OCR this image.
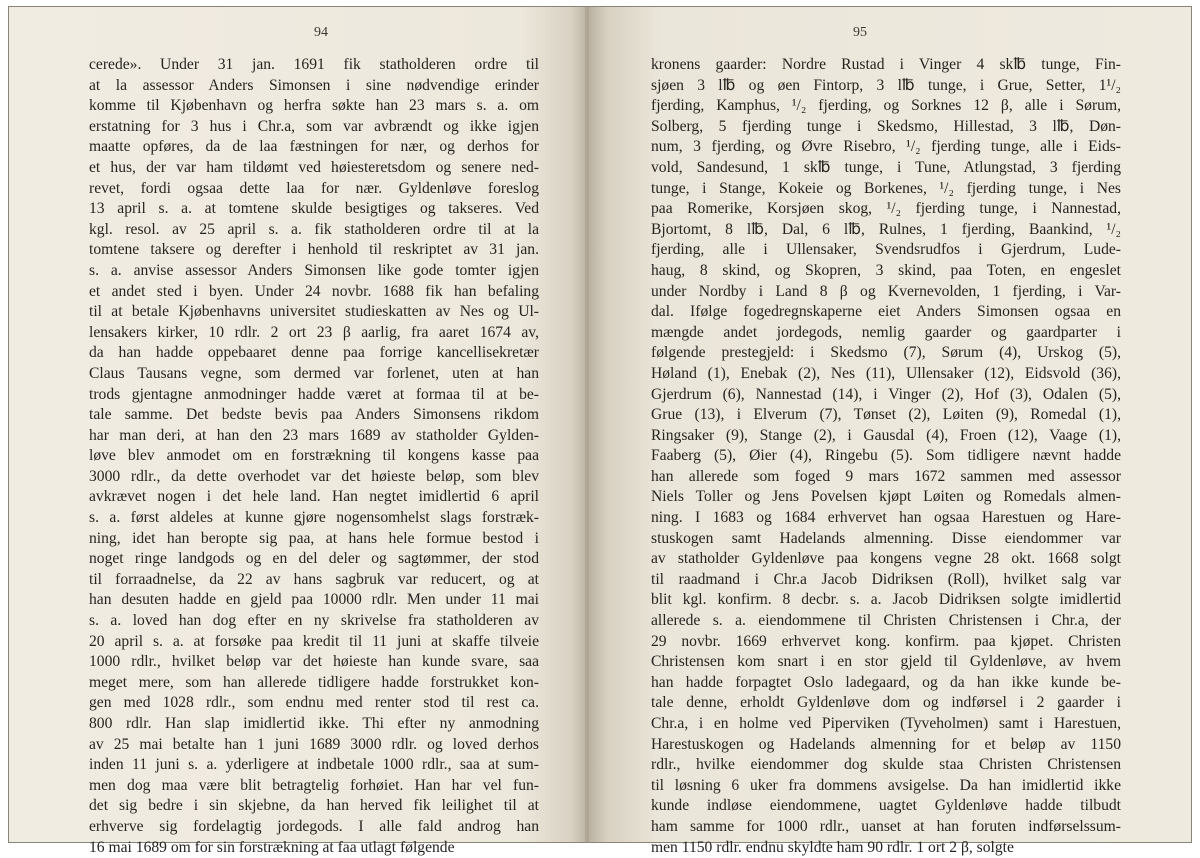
94
cerede». Under 31 jan. 1691 fik statholderen ordre til
at la assessor Anders Simonsen i sine nødvendige erinder
komme til Kjøbenhavn og herfra søkte han 23 mars s. a. om
erstatning for 3 hus i Chr.a, som var avbrændt og ikke igjen
maatte opføres, da de laa fæstningen for nær, og derhos for
et hus, der var ham tildømt ved høiesteretsdom og senere ned-
revet, fordi ogsaa dette laa for nær. Gyldenløve foreslog
13 april s. a. at tomtene skulde besigtiges og takseres. Ved
kgl. resol. av 25 april s. a. fik statholderen ordre til at la
tomtene taksere og derefter i henhold til reskriptet av 31 jan.
s. a. anvise assessor Anders Simonsen like gode tomter igjen
et andet sted i byen. Under 24 novbr. 1688 fik han befaling
til at betale Kjøbenhavns universitet studieskatten av Nes og Ul-
lensakers kirker, 10 rdlr. 2 ort 23 β aarlig, fra aaret 1674 av,
da han hadde oppebaaret denne paa forrige kancellisekretær
Claus Tausans vegne, som dermed var forlenet, uten at han
trods gjentagne anmodninger hadde været at formaa til at be-
tale samme. Det bedste bevis paa Anders Simonsens rikdom
har man deri, at han den 23 mars 1689 av statholder Gylden-
løve blev anmodet om en forstrækning til kongens kasse paa
3000 rdlr., da dette overhodet var det høieste beløp, som blev
avkrævet nogen i det hele land. Han negtet imidlertid 6 april
s. a. først aldeles at kunne gjøre nogensomhelst slags forstræk-
ning, idet han beropte sig paa, at hans hele formue bestod i
noget ringe landgods og en del deler og sagtømmer, der stod
til forraadnelse, da 22 av hans sagbruk var reducert, og at
han desuten hadde en gjeld paa 10000 rdlr. Men under 11 mai
s. a. loved han dog efter en ny skrivelse fra statholderen av
20 april s. a. at forsøke paa kredit til 11 juni at skaffe tilveie
1000 rdlr., hvilket beløp var det høieste han kunde svare, saa
meget mere, som han allerede tidligere hadde forstrukket kon-
gen med 1028 rdlr., som endnu med renter stod til rest ca.
800 rdlr. Han slap imidlertid ikke. Thi efter ny anmodning
av 25 mai betalte han 1 juni 1689 3000 rdlr. og loved derhos
inden 11 juni s. a. yderligere at indbetale 1000 rdlr., saa at sum-
men dog maa være blit betragtelig forhøiet. Han har vel fun-
det sig bedre i sin skjebne, da han herved fik leilighet til at
erhverve sig fordelagtig jordegods. I alle fald androg han
16 mai 1689 om for sin forstrækning at faa utlagt følgende
95
kronens gaarder: Nordre Rustad i Vinger 4 sk℔ tunge, Fin-
sjøen 3 l℔ og øen Fintorp, 3 l℔ tunge, i Grue, Setter, 1¹/₂
fjerding, Kamphus, ¹/₂ fjerding, og Sorknes 12 β, alle i Sørum,
Solberg, 5 fjerding tunge i Skedsmo, Hillestad, 3 l℔, Døn-
num, 3 fjerding, og Øvre Risebro, ¹/₂ fjerding tunge, alle i Eids-
vold, Sandesund, 1 sk℔ tunge, i Tune, Atlungstad, 3 fjerding
tunge, i Stange, Kokeie og Borkenes, ¹/₂ fjerding tunge, i Nes
paa Romerike, Korsjøen skog, ¹/₂ fjerding tunge, i Nannestad,
Bjortomt, 8 l℔, Dal, 6 l℔, Rulnes, 1 fjerding, Baankind, ¹/₂
fjerding, alle i Ullensaker, Svendsrudfos i Gjerdrum, Lude-
haug, 8 skind, og Skopren, 3 skind, paa Toten, en engeslet
under Nordby i Land 8 β og Kvernevolden, 1 fjerding, i Var-
dal. Ifølge fogedregnskaperne eiet Anders Simonsen ogsaa en
mængde andet jordegods, nemlig gaarder og gaardparter i
følgende prestegjeld: i Skedsmo (7), Sørum (4), Urskog (5),
Høland (1), Enebak (2), Nes (11), Ullensaker (12), Eidsvold (36),
Gjerdrum (6), Nannestad (14), i Vinger (2), Hof (3), Odalen (5),
Grue (13), i Elverum (7), Tønset (2), Løiten (9), Romedal (1),
Ringsaker (9), Stange (2), i Gausdal (4), Froen (12), Vaage (1),
Faaberg (5), Øier (4), Ringebu (5). Som tidligere nævnt hadde
han allerede som foged 9 mars 1672 sammen med assessor
Niels Toller og Jens Povelsen kjøpt Løiten og Romedals almen-
ning. I 1683 og 1684 erhvervet han ogsaa Harestuen og Hare-
stuskogen samt Hadelands almenning. Disse eiendommer var
av statholder Gyldenløve paa kongens vegne 28 okt. 1668 solgt
til raadmand i Chr.a Jacob Didriksen (Roll), hvilket salg var
blit kgl. konfirm. 8 decbr. s. a. Jacob Didriksen solgte imidlertid
allerede s. a. eiendommene til Christen Christensen i Chr.a, der
29 novbr. 1669 erhvervet kong. konfirm. paa kjøpet. Christen
Christensen kom snart i en stor gjeld til Gyldenløve, av hvem
han hadde forpagtet Oslo ladegaard, og da han ikke kunde be-
tale denne, erholdt Gyldenløve dom og indførsel i 2 gaarder i
Chr.a, i en holme ved Piperviken (Tyveholmen) samt i Harestuen,
Harestuskogen og Hadelands almenning for et beløp av 1150
rdlr., hvilke eiendommer dog skulde staa Christen Christensen
til løsning 6 uker fra dommens avsigelse. Da han imidlertid ikke
kunde indløse eiendommene, uagtet Gyldenløve hadde tilbudt
ham samme for 1000 rdlr., uanset at han foruten indførselssum-
men 1150 rdlr. endnu skyldte ham 90 rdlr. 1 ort 2 β, solgte
